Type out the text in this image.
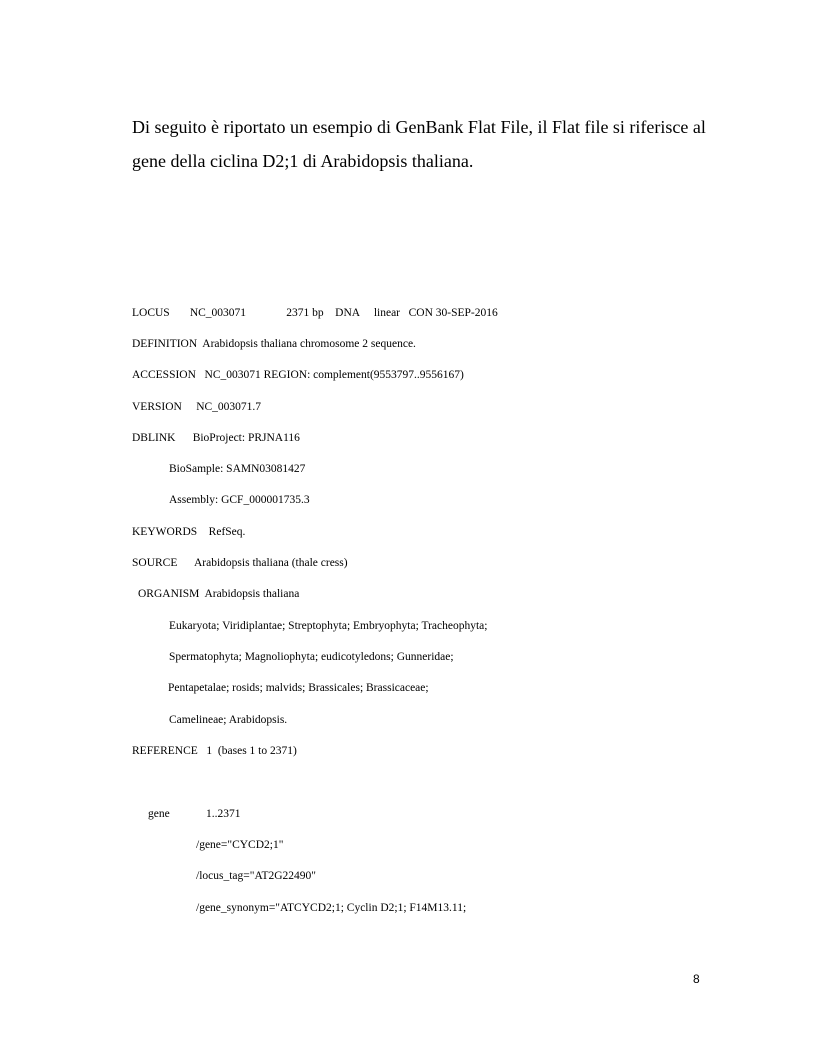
Di seguito è riportato un esempio di GenBank Flat File, il Flat file si riferisce al gene della ciclina D2;1 di Arabidopsis thaliana.

LOCUS       NC_003071              2371 bp    DNA     linear   CON 30-SEP-2016
DEFINITION  Arabidopsis thaliana chromosome 2 sequence.
ACCESSION   NC_003071 REGION: complement(9553797..9556167)
VERSION     NC_003071.7
DBLINK      BioProject: PRJNA116
BioSample: SAMN03081427
Assembly: GCF_000001735.3
KEYWORDS    RefSeq.
SOURCE      Arabidopsis thaliana (thale cress)
ORGANISM  Arabidopsis thaliana
Eukaryota; Viridiplantae; Streptophyta; Embryophyta; Tracheophyta;
Spermatophyta; Magnoliophyta; eudicotyledons; Gunneridae;
Pentapetalae; rosids; malvids; Brassicales; Brassicaceae;
Camelineae; Arabidopsis.
REFERENCE   1  (bases 1 to 2371)
gene	1..2371
/gene="CYCD2;1"
/locus_tag="AT2G22490"
/gene_synonym="ATCYCD2;1; Cyclin D2;1; F14M13.11;
8
